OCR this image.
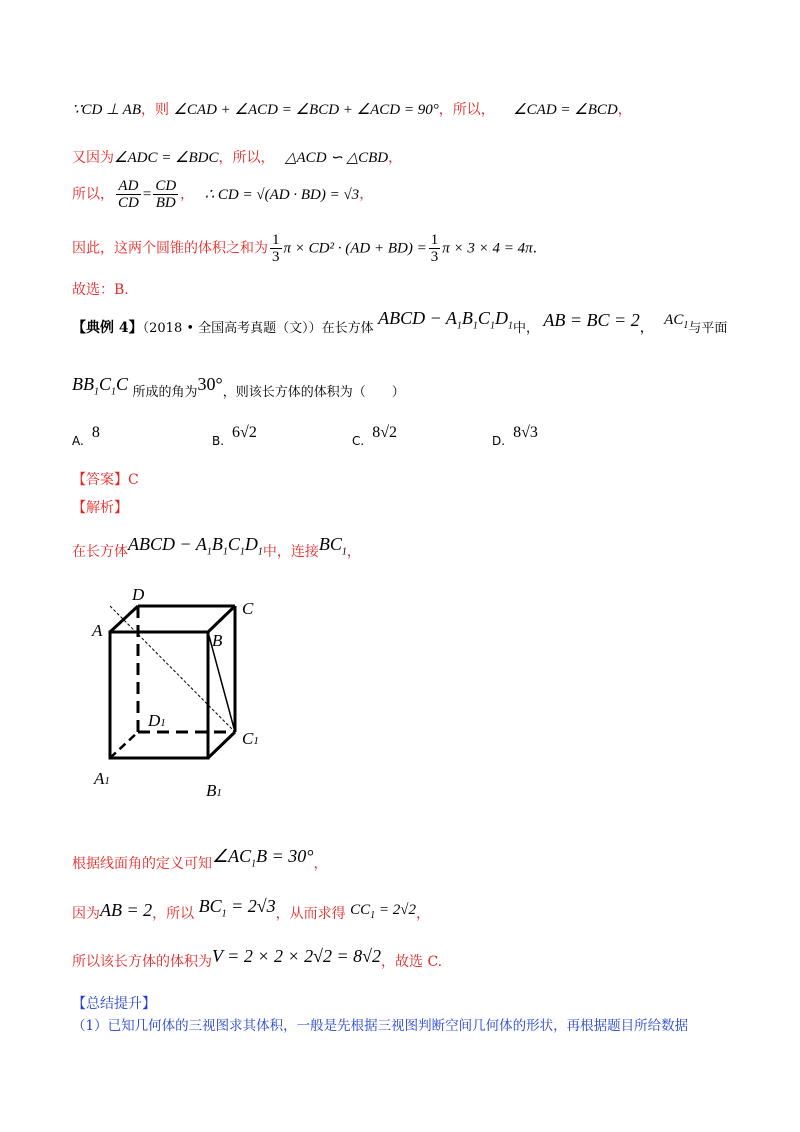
∵CD ⊥ AB，则 ∠CAD + ∠ACD = ∠BCD + ∠ACD = 90°，所以， ∠CAD = ∠BCD，
又因为∠ADC = ∠BDC，所以， △ACD ∽ △CBD，
所以， $\frac{AD}{CD} = \frac{CD}{BD}$ ， ∴ CD = √(AD · BD) = √3，
因此，这两个圆锥的体积之和为 $\frac{1}{3}$ $\pi \times CD^2 \cdot (AD + BD) = \frac{1}{3}$ π × 3 × 4 = 4π.
故选：B.
【典例 4】（2018 • 全国高考真题（文））在长方体 ABCD − $A_1B_1C_1D_1$中， AB = BC = 2， $AC_1$与平面
$BB_1C_1C$ 所成的角为30°，则该长方体的体积为（　　）
A. 8	B. 6√2	C. 8√2	D. 8√3
【答案】C
【解析】
在长方体ABCD − $A_1B_1C_1D_1$中，连接$BC_1$，
D
C
A
B
D1
C1
A1	B1
根据线面角的定义可知$\angle AC_1B = 30^\circ$，
因为AB = 2，所以 $BC_1 = 2√3$，从而求得 $CC_1 = 2√2$，
所以该长方体的体积为V = 2 × 2 × 2√2 = 8√2，故选 C.
【总结提升】
（1）已知几何体的三视图求其体积，一般是先根据三视图判断空间几何体的形状，再根据题目所给数据
